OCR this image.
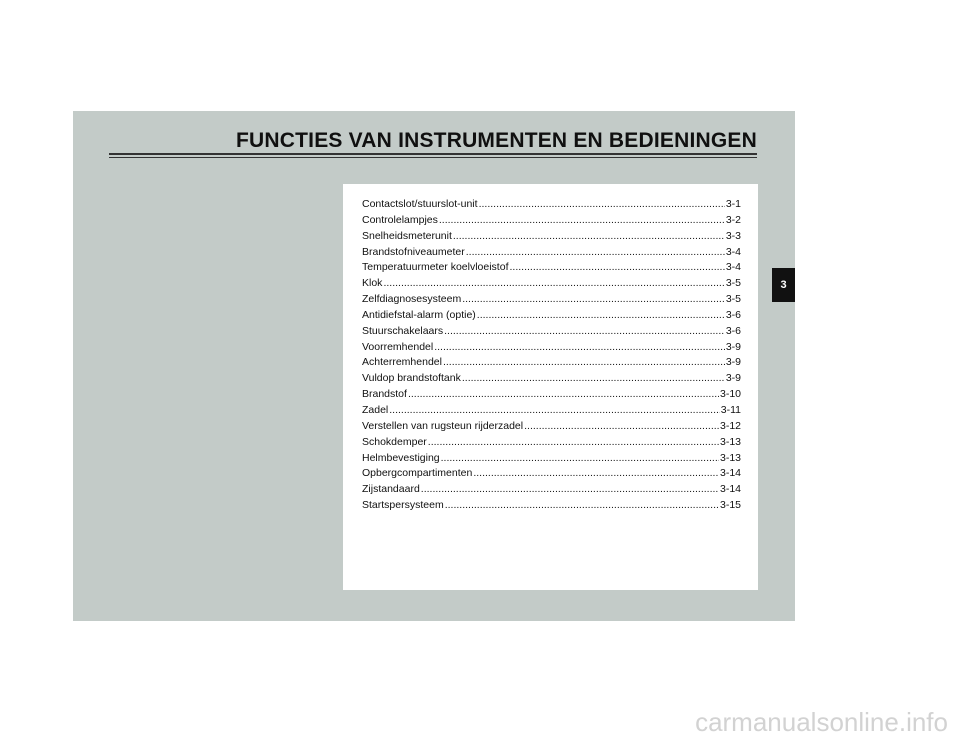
FUNCTIES VAN INSTRUMENTEN EN BEDIENINGEN
Contactslot/stuurslot-unit .....	3-1
Controlelampjes .....	3-2
Snelheidsmeterunit .....	3-3
Brandstofniveaumeter .....	3-4
Temperatuurmeter koelvloeistof .....	3-4
Klok .....	3-5
Zelfdiagnosesysteem .....	3-5
Antidiefstal-alarm (optie) .....	3-6
Stuurschakelaars .....	3-6
Voorremhendel .....	3-9
Achterremhendel .....	3-9
Vuldop brandstoftank .....	3-9
Brandstof .....	3-10
Zadel .....	3-11
Verstellen van rugsteun rijderzadel .....	3-12
Schokdemper .....	3-13
Helmbevestiging .....	3-13
Opbergcompartimenten .....	3-14
Zijstandaard .....	3-14
Startspersysteem .....	3-15
3
carmanualsonline.info
